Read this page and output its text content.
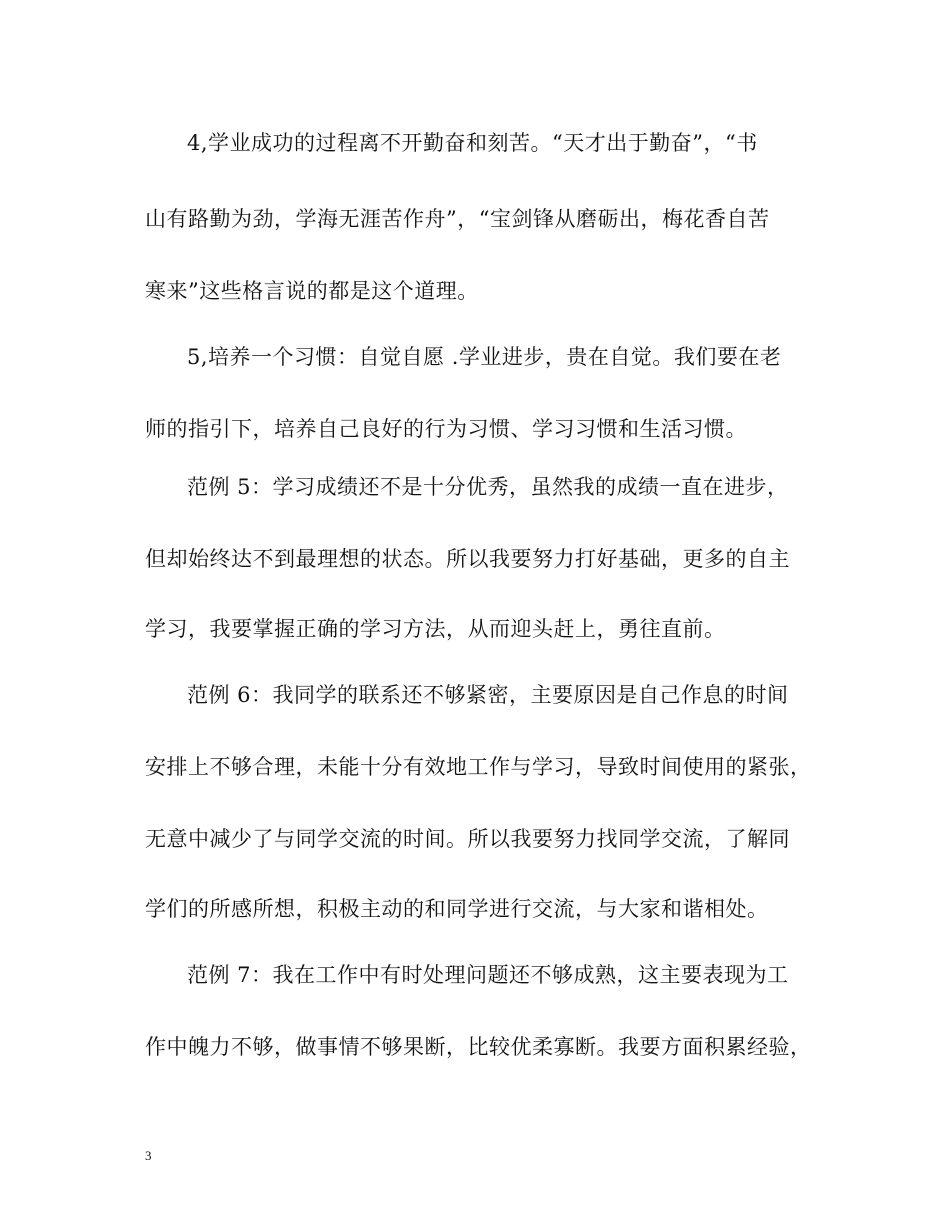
4,学业成功的过程离不开勤奋和刻苦。“天才出于勤奋”，“书
山有路勤为劲，学海无涯苦作舟”，“宝剑锋从磨砺出，梅花香自苦
寒来”这些格言说的都是这个道理。
5,培养一个习惯：自觉自愿 .学业进步，贵在自觉。我们要在老
师的指引下，培养自己良好的行为习惯、学习习惯和生活习惯。
范例 5：学习成绩还不是十分优秀，虽然我的成绩一直在进步，
但却始终达不到最理想的状态。所以我要努力打好基础，更多的自主
学习，我要掌握正确的学习方法，从而迎头赶上，勇往直前。
范例 6：我同学的联系还不够紧密，主要原因是自己作息的时间
安排上不够合理，未能十分有效地工作与学习，导致时间使用的紧张，
无意中减少了与同学交流的时间。所以我要努力找同学交流，了解同
学们的所感所想，积极主动的和同学进行交流，与大家和谐相处。
范例 7：我在工作中有时处理问题还不够成熟，这主要表现为工
作中魄力不够，做事情不够果断，比较优柔寡断。我要方面积累经验，
3
